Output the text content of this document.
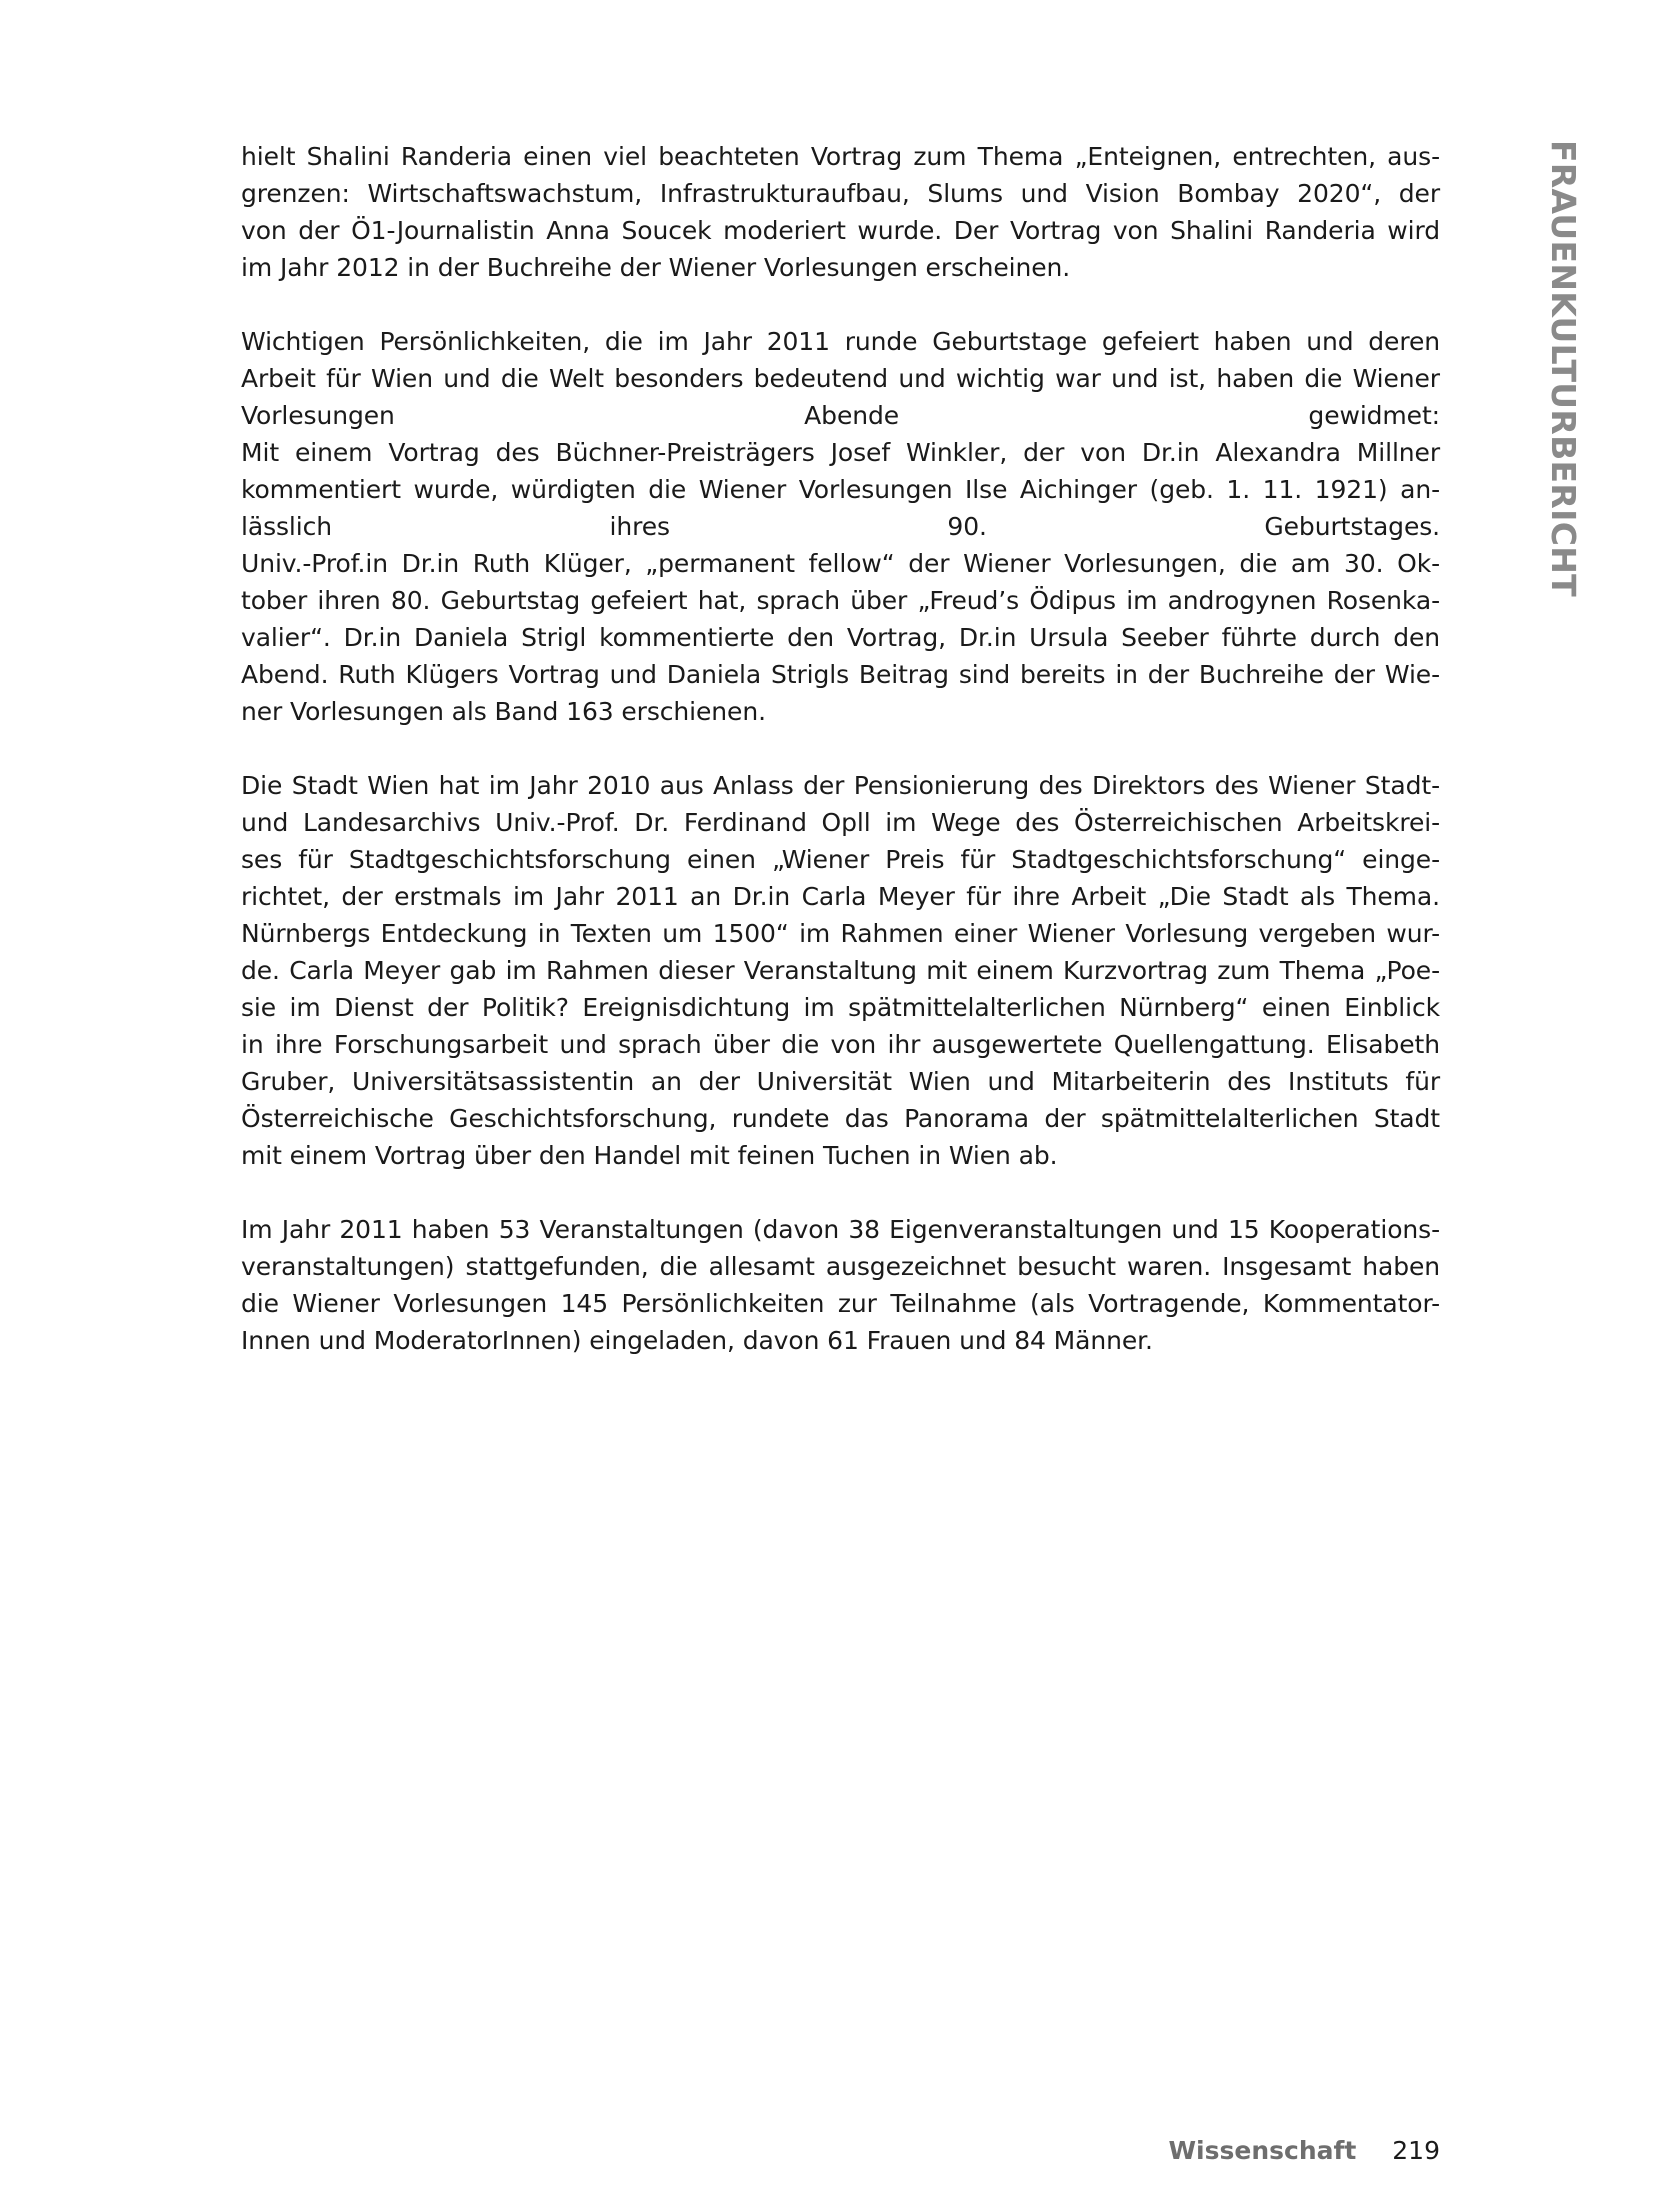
FRAUENKULTURBERICHT
hielt Shalini Randeria einen viel beachteten Vortrag zum Thema „Enteignen, entrechten, aus-
grenzen: Wirtschaftswachstum, Infrastrukturaufbau, Slums und Vision Bombay 2020“, der
von der Ö1-Journalistin Anna Soucek moderiert wurde. Der Vortrag von Shalini Randeria wird
im Jahr 2012 in der Buchreihe der Wiener Vorlesungen erscheinen.
Wichtigen Persönlichkeiten, die im Jahr 2011 runde Geburtstage gefeiert haben und deren
Arbeit für Wien und die Welt besonders bedeutend und wichtig war und ist, haben die Wiener
Vorlesungen Abende gewidmet:
Mit einem Vortrag des Büchner-Preisträgers Josef Winkler, der von Dr.in Alexandra Millner
kommentiert wurde, würdigten die Wiener Vorlesungen Ilse Aichinger (geb. 1. 11. 1921) an-
lässlich ihres 90. Geburtstages.
Univ.-Prof.in Dr.in Ruth Klüger, „permanent fellow“ der Wiener Vorlesungen, die am 30. Ok-
tober ihren 80. Geburtstag gefeiert hat, sprach über „Freud’s Ödipus im androgynen Rosenka-
valier“. Dr.in Daniela Strigl kommentierte den Vortrag, Dr.in Ursula Seeber führte durch den
Abend. Ruth Klügers Vortrag und Daniela Strigls Beitrag sind bereits in der Buchreihe der Wie-
ner Vorlesungen als Band 163 erschienen.
Die Stadt Wien hat im Jahr 2010 aus Anlass der Pensionierung des Direktors des Wiener Stadt-
und Landesarchivs Univ.-Prof. Dr. Ferdinand Opll im Wege des Österreichischen Arbeitskrei-
ses für Stadtgeschichtsforschung einen „Wiener Preis für Stadtgeschichtsforschung“ einge-
richtet, der erstmals im Jahr 2011 an Dr.in Carla Meyer für ihre Arbeit „Die Stadt als Thema.
Nürnbergs Entdeckung in Texten um 1500“ im Rahmen einer Wiener Vorlesung vergeben wur-
de. Carla Meyer gab im Rahmen dieser Veranstaltung mit einem Kurzvortrag zum Thema „Poe-
sie im Dienst der Politik? Ereignisdichtung im spätmittelalterlichen Nürnberg“ einen Einblick
in ihre Forschungsarbeit und sprach über die von ihr ausgewertete Quellengattung. Elisabeth
Gruber, Universitätsassistentin an der Universität Wien und Mitarbeiterin des Instituts für
Österreichische Geschichtsforschung, rundete das Panorama der spätmittelalterlichen Stadt
mit einem Vortrag über den Handel mit feinen Tuchen in Wien ab.
Im Jahr 2011 haben 53 Veranstaltungen (davon 38 Eigenveranstaltungen und 15 Kooperations-
veranstaltungen) stattgefunden, die allesamt ausgezeichnet besucht waren. Insgesamt haben
die Wiener Vorlesungen 145 Persönlichkeiten zur Teilnahme (als Vortragende, Kommentator-
Innen und ModeratorInnen) eingeladen, davon 61 Frauen und 84 Männer.
Wissenschaft 219
